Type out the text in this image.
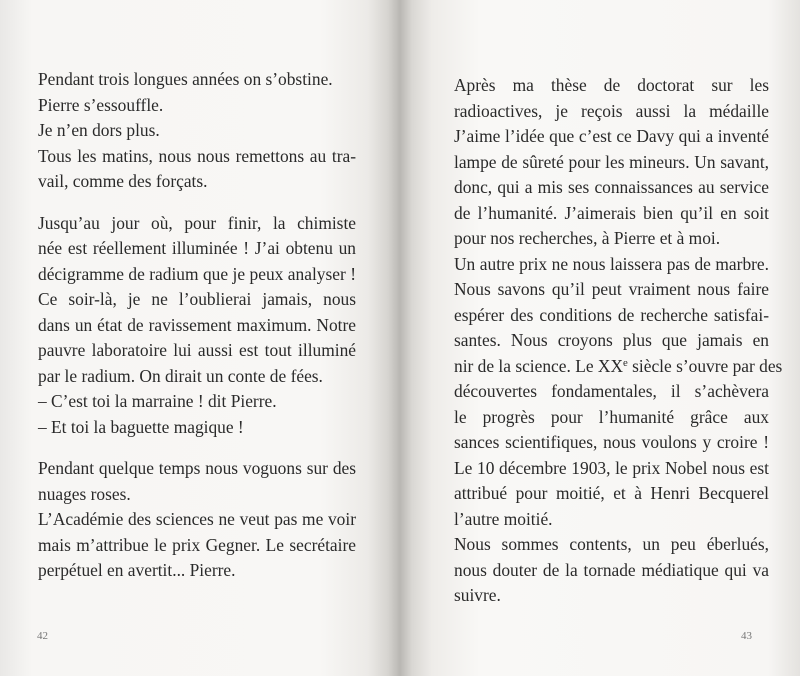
Pendant trois longues années on s’obstine.
Pierre s’essouffle.
Je n’en dors plus.
Tous les matins, nous nous remettons au tra-
vail, comme des forçats.
Jusqu’au jour où, pour finir, la chimiste
née est réellement illuminée ! J’ai obtenu un
décigramme de radium que je peux analyser !
Ce soir-là, je ne l’oublierai jamais, nous
dans un état de ravissement maximum. Notre
pauvre laboratoire lui aussi est tout illuminé
par le radium. On dirait un conte de fées.
– C’est toi la marraine ! dit Pierre.
– Et toi la baguette magique !
Pendant quelque temps nous voguons sur des
nuages roses.
L’Académie des sciences ne veut pas me voir
mais m’attribue le prix Gegner. Le secrétaire
perpétuel en avertit... Pierre.
42
Après ma thèse de doctorat sur les
radioactives, je reçois aussi la médaille
J’aime l’idée que c’est ce Davy qui a inventé
lampe de sûreté pour les mineurs. Un savant,
donc, qui a mis ses connaissances au service
de l’humanité. J’aimerais bien qu’il en soit
pour nos recherches, à Pierre et à moi.
Un autre prix ne nous laissera pas de marbre.
Nous savons qu’il peut vraiment nous faire
espérer des conditions de recherche satisfai-
santes. Nous croyons plus que jamais en
nir de la science. Le XXe siècle s’ouvre par des
découvertes fondamentales, il s’achèvera
le progrès pour l’humanité grâce aux
sances scientifiques, nous voulons y croire !
Le 10 décembre 1903, le prix Nobel nous est
attribué pour moitié, et à Henri Becquerel
l’autre moitié.
Nous sommes contents, un peu éberlués,
nous douter de la tornade médiatique qui va
suivre.
43
